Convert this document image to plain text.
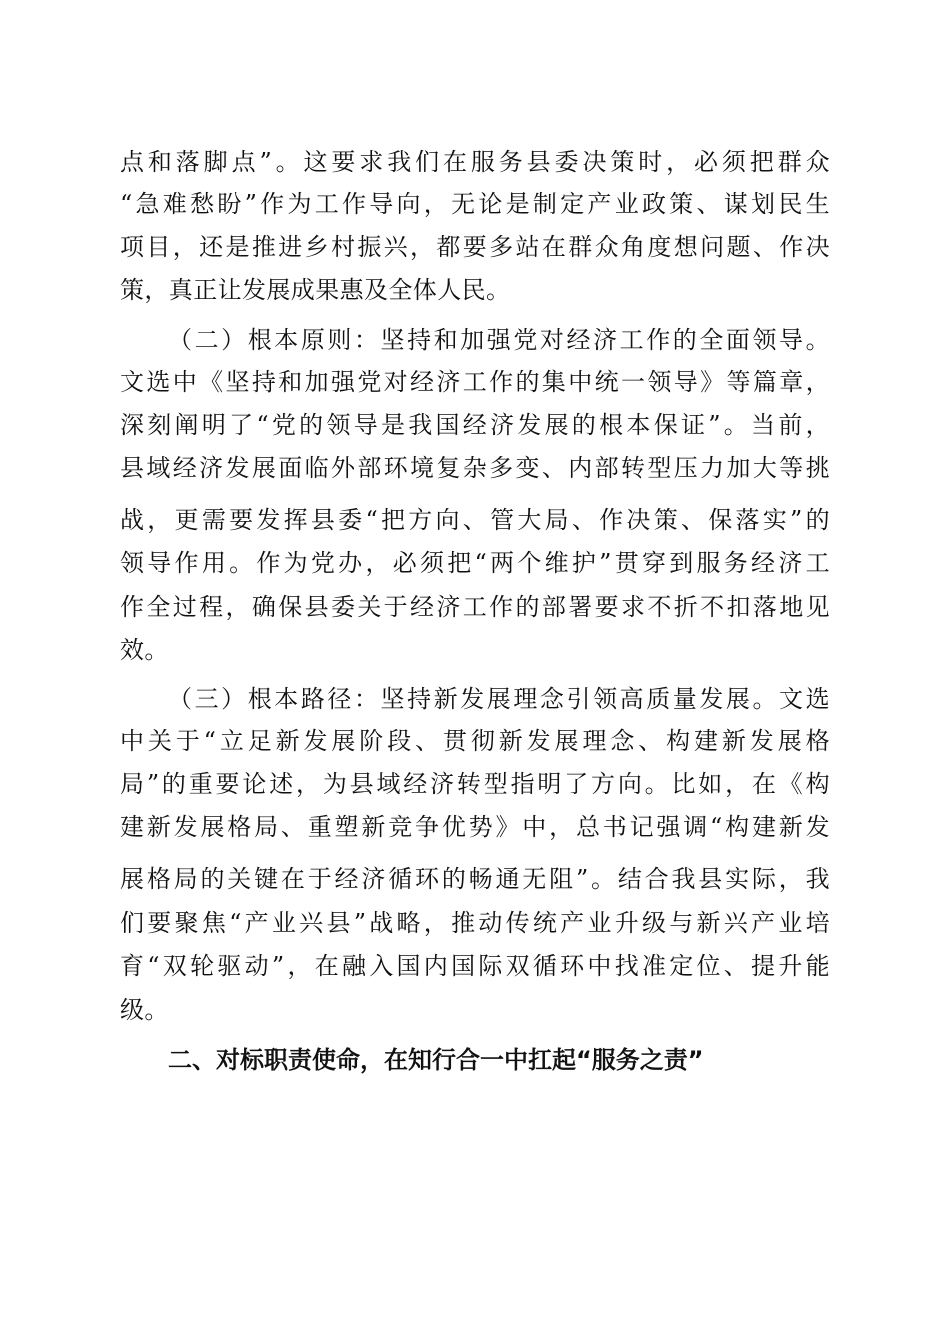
点和落脚点”。这要求我们在服务县委决策时，必须把群众
“急难愁盼”作为工作导向，无论是制定产业政策、谋划民生
项目，还是推进乡村振兴，都要多站在群众角度想问题、作决
策，真正让发展成果惠及全体人民。
（二）根本原则：坚持和加强党对经济工作的全面领导。
文选中《坚持和加强党对经济工作的集中统一领导》等篇章，
深刻阐明了“党的领导是我国经济发展的根本保证”。当前，
县域经济发展面临外部环境复杂多变、内部转型压力加大等挑
战，更需要发挥县委“把方向、管大局、作决策、保落实”的
领导作用。作为党办，必须把“两个维护”贯穿到服务经济工
作全过程，确保县委关于经济工作的部署要求不折不扣落地见
效。
（三）根本路径：坚持新发展理念引领高质量发展。文选
中关于“立足新发展阶段、贯彻新发展理念、构建新发展格
局”的重要论述，为县域经济转型指明了方向。比如，在《构
建新发展格局、重塑新竞争优势》中，总书记强调“构建新发
展格局的关键在于经济循环的畅通无阻”。结合我县实际，我
们要聚焦“产业兴县”战略，推动传统产业升级与新兴产业培
育“双轮驱动”，在融入国内国际双循环中找准定位、提升能
级。
二、对标职责使命，在知行合一中扛起“服务之责”
